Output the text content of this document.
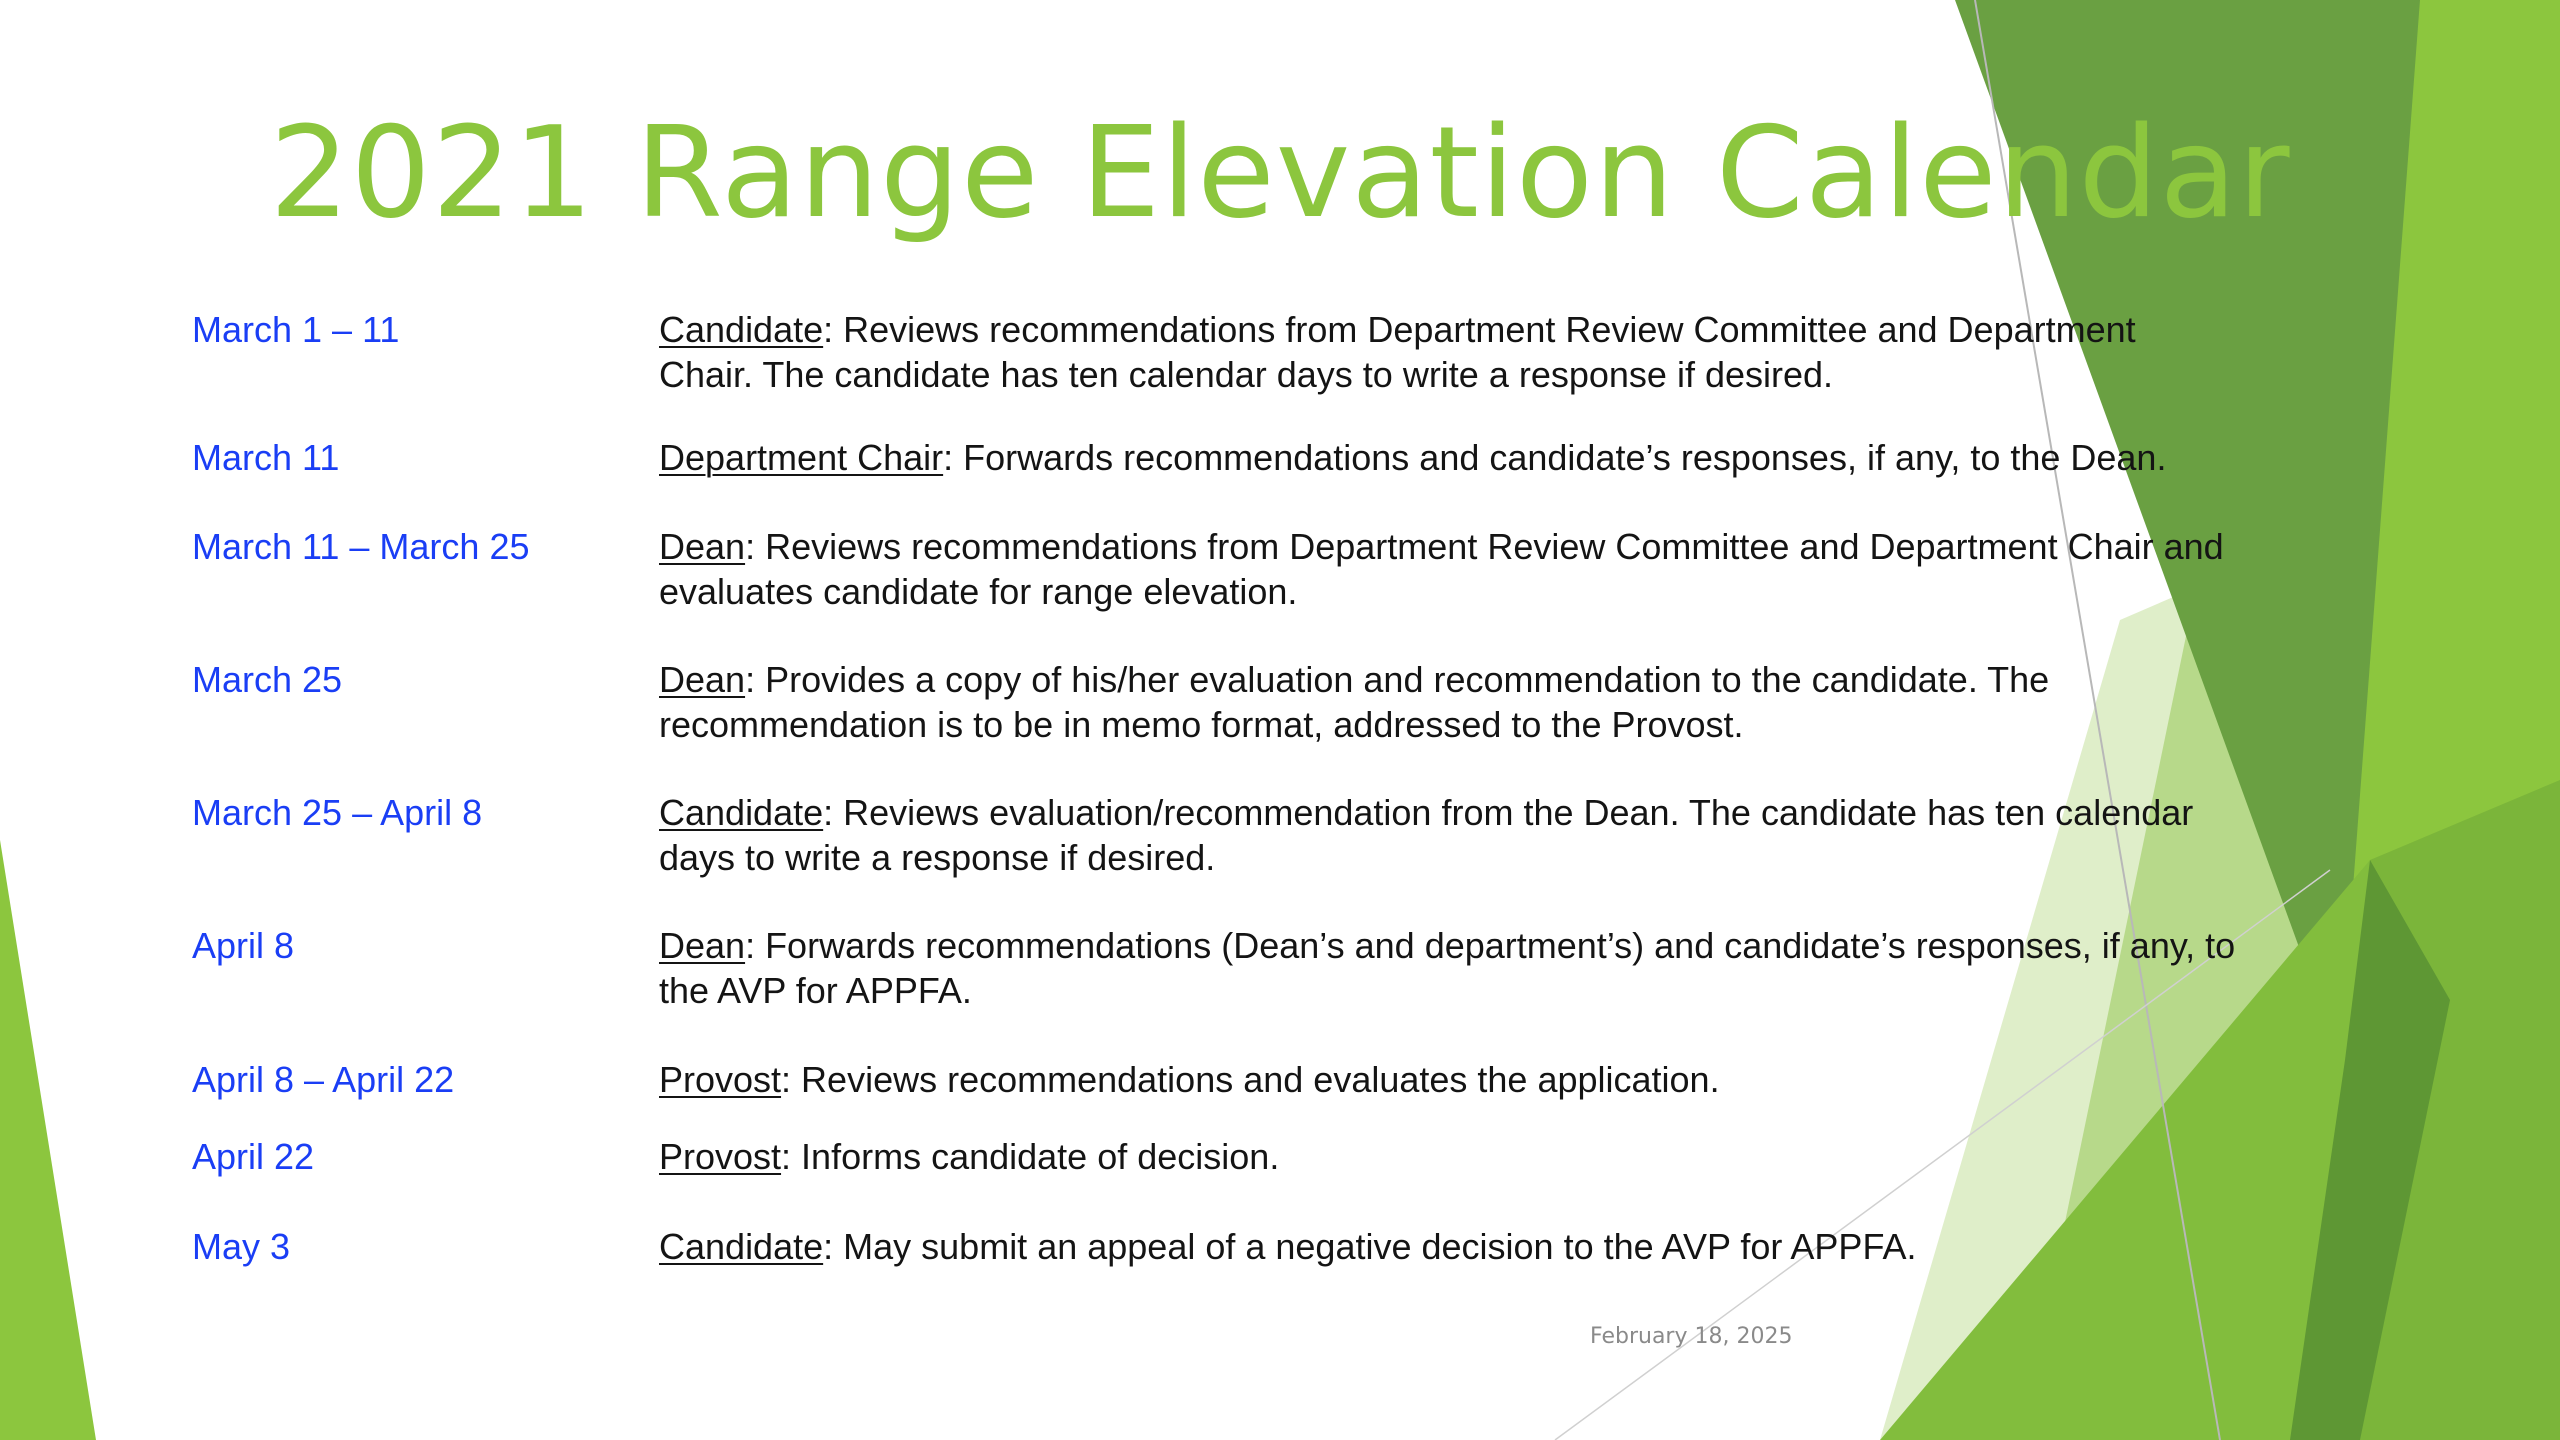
2021 Range Elevation Calendar
March 1 – 11	Candidate: Reviews recommendations from Department Review Committee and Department Chair. The candidate has ten calendar days to write a response if desired.
March 11	Department Chair: Forwards recommendations and candidate’s responses, if any, to the Dean.
March 11 – March 25	Dean: Reviews recommendations from Department Review Committee and Department Chair and evaluates candidate for range elevation.
March 25	Dean: Provides a copy of his/her evaluation and recommendation to the candidate. The recommendation is to be in memo format, addressed to the Provost.
March 25 – April 8	Candidate: Reviews evaluation/recommendation from the Dean. The candidate has ten calendar days to write a response if desired.
April 8	Dean: Forwards recommendations (Dean’s and department’s) and candidate’s responses, if any, to the AVP for APPFA.
April 8 – April 22	Provost: Reviews recommendations and evaluates the application.
April 22	Provost: Informs candidate of decision.
May 3	Candidate: May submit an appeal of a negative decision to the AVP for APPFA.
February 18, 2025
